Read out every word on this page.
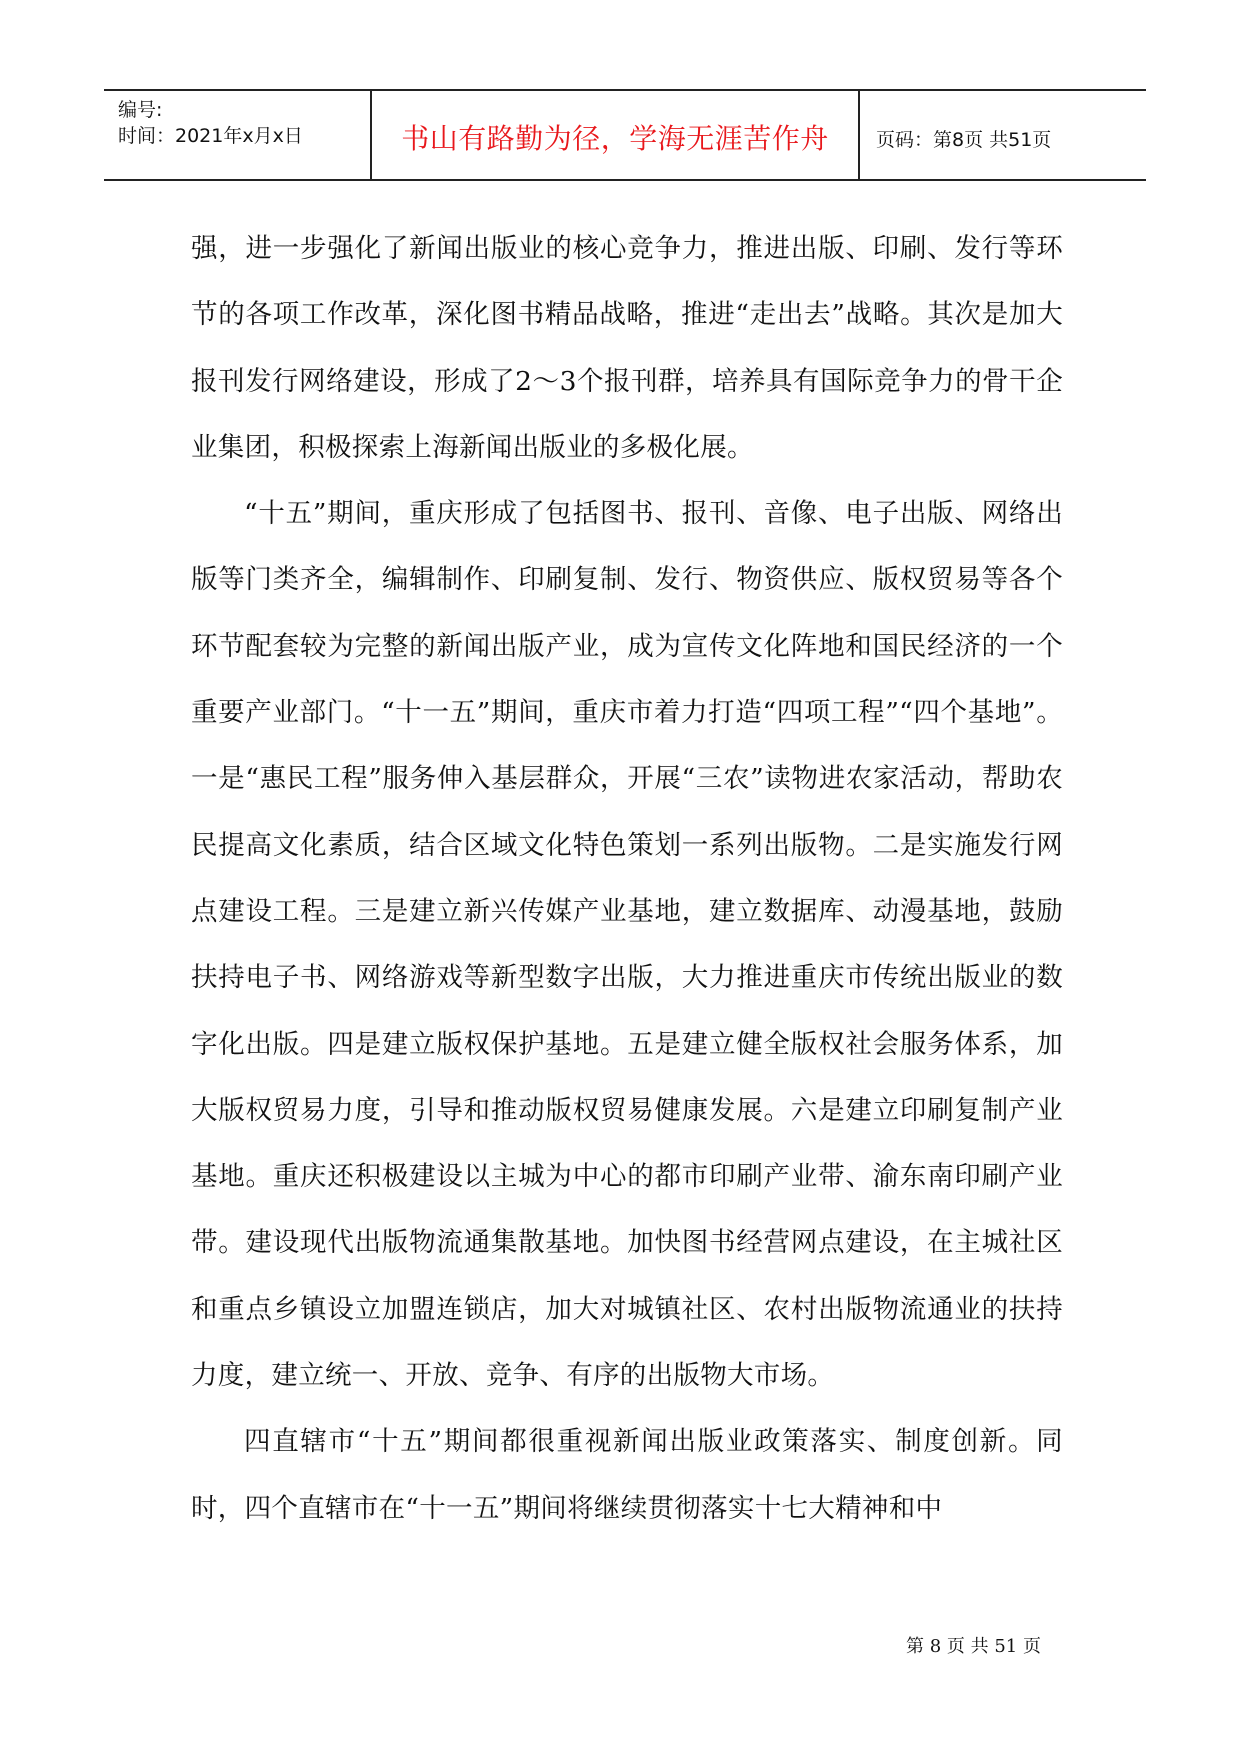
编号:
时间：2021年x月x日	书山有路勤为径，学海无涯苦作舟	页码：第8页 共51页

强，进一步强化了新闻出版业的核心竞争力，推进出版、印刷、发行等环节的各项工作改革，深化图书精品战略，推进“走出去”战略。其次是加大报刊发行网络建设，形成了2～3个报刊群，培养具有国际竞争力的骨干企业集团，积极探索上海新闻出版业的多极化展。

“十五”期间，重庆形成了包括图书、报刊、音像、电子出版、网络出版等门类齐全，编辑制作、印刷复制、发行、物资供应、版权贸易等各个环节配套较为完整的新闻出版产业，成为宣传文化阵地和国民经济的一个重要产业部门。“十一五”期间，重庆市着力打造“四项工程”“四个基地”。一是“惠民工程”服务伸入基层群众，开展“三农”读物进农家活动，帮助农民提高文化素质，结合区域文化特色策划一系列出版物。二是实施发行网点建设工程。三是建立新兴传媒产业基地，建立数据库、动漫基地，鼓励扶持电子书、网络游戏等新型数字出版，大力推进重庆市传统出版业的数字化出版。四是建立版权保护基地。五是建立健全版权社会服务体系，加大版权贸易力度，引导和推动版权贸易健康发展。六是建立印刷复制产业基地。重庆还积极建设以主城为中心的都市印刷产业带、渝东南印刷产业带。建设现代出版物流通集散基地。加快图书经营网点建设，在主城社区和重点乡镇设立加盟连锁店，加大对城镇社区、农村出版物流通业的扶持力度，建立统一、开放、竞争、有序的出版物大市场。

四直辖市“十五”期间都很重视新闻出版业政策落实、制度创新。同时，四个直辖市在“十一五”期间将继续贯彻落实十七大精神和中

第 8 页 共 51 页
